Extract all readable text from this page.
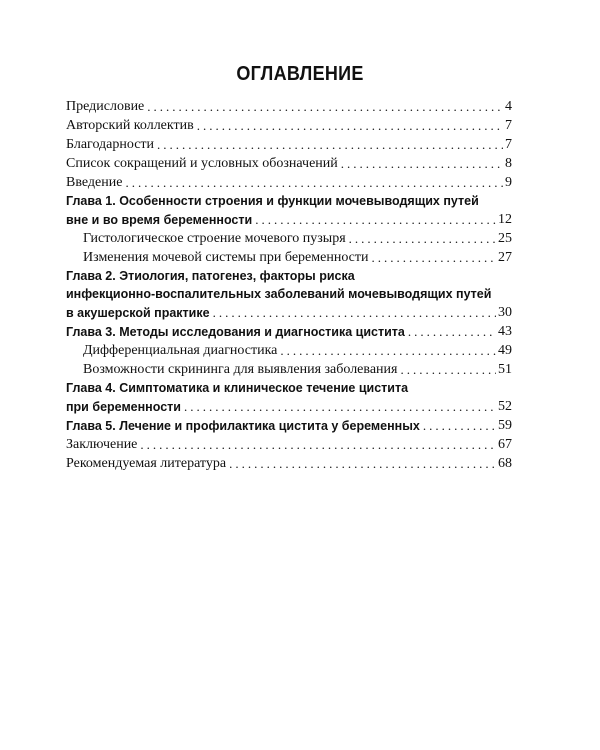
ОГЛАВЛЕНИЕ
Предисловие .....	4
Авторский коллектив .....	7
Благодарности .....	7
Список сокращений и условных обозначений .....	8
Введение .....	9
Глава 1. Особенности строения и функции мочевыводящих путей
вне и во время беременности .....	12
Гистологическое строение мочевого пузыря .....	25
Изменения мочевой системы при беременности .....	27
Глава 2. Этиология, патогенез, факторы риска
инфекционно-воспалительных заболеваний мочевыводящих путей
в акушерской практике .....	30
Глава 3. Методы исследования и диагностика цистита .....	43
Дифференциальная диагностика .....	49
Возможности скрининга для выявления заболевания .....	51
Глава 4. Симптоматика и клиническое течение цистита
при беременности .....	52
Глава 5. Лечение и профилактика цистита у беременных .....	59
Заключение .....	67
Рекомендуемая литература .....	68
